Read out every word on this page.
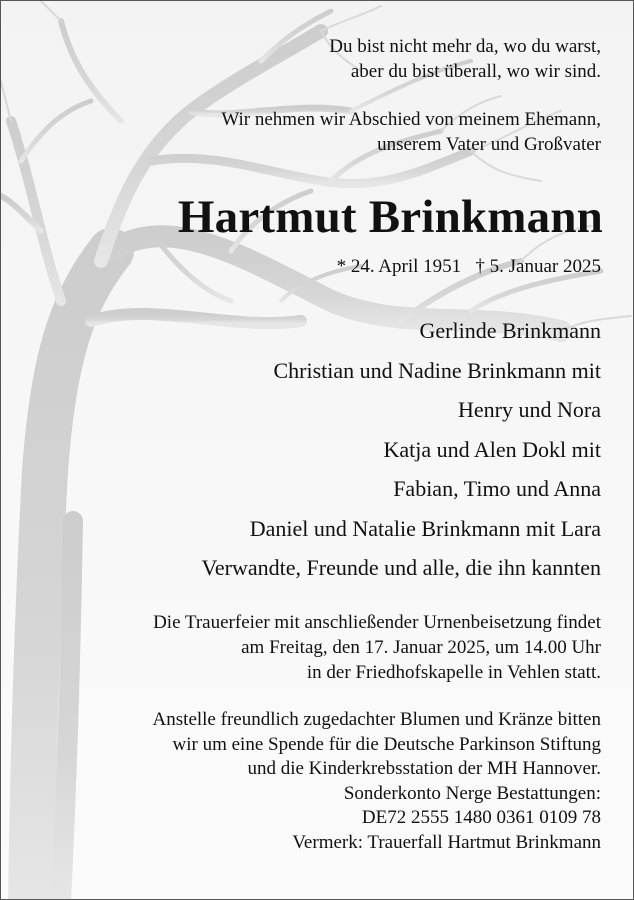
Du bist nicht mehr da, wo du warst,
aber du bist überall, wo wir sind.
Wir nehmen wir Abschied von meinem Ehemann,
unserem Vater und Großvater
Hartmut Brinkmann
* 24. April 1951   † 5. Januar 2025
Gerlinde Brinkmann
Christian und Nadine Brinkmann mit
Henry und Nora
Katja und Alen Dokl mit
Fabian, Timo und Anna
Daniel und Natalie Brinkmann mit Lara
Verwandte, Freunde und alle, die ihn kannten
Die Trauerfeier mit anschließender Urnenbeisetzung findet
am Freitag, den 17. Januar 2025, um 14.00 Uhr
in der Friedhofskapelle in Vehlen statt.
Anstelle freundlich zugedachter Blumen und Kränze bitten
wir um eine Spende für die Deutsche Parkinson Stiftung
und die Kinderkrebsstation der MH Hannover.
Sonderkonto Nerge Bestattungen:
DE72 2555 1480 0361 0109 78
Vermerk: Trauerfall Hartmut Brinkmann
